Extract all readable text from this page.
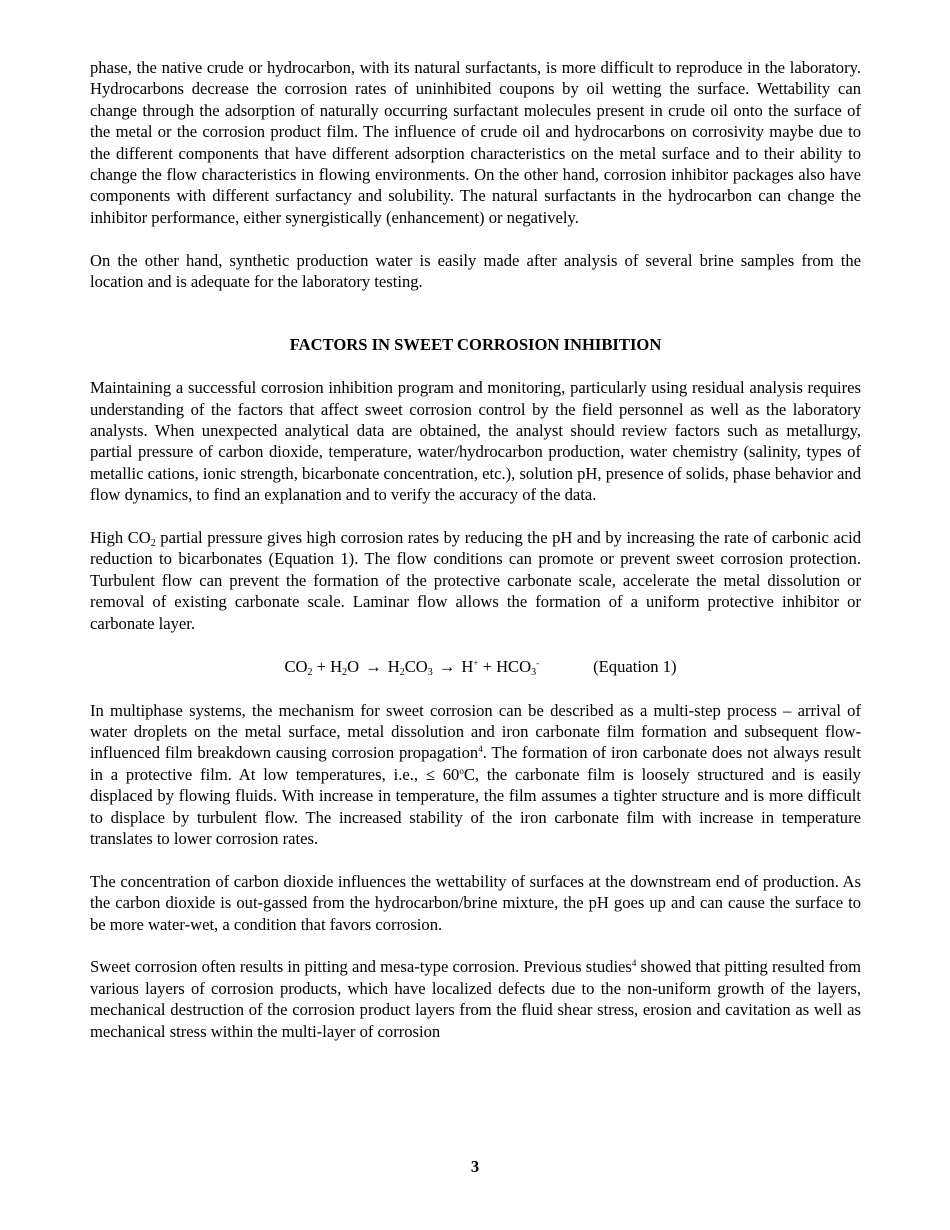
phase, the native crude or hydrocarbon, with its natural surfactants, is more difficult to reproduce in the laboratory. Hydrocarbons decrease the corrosion rates of uninhibited coupons by oil wetting the surface. Wettability can change through the adsorption of naturally occurring surfactant molecules present in crude oil onto the surface of the metal or the corrosion product film. The influence of crude oil and hydrocarbons on corrosivity maybe due to the different components that have different adsorption characteristics on the metal surface and to their ability to change the flow characteristics in flowing environments. On the other hand, corrosion inhibitor packages also have components with different surfactancy and solubility. The natural surfactants in the hydrocarbon can change the inhibitor performance, either synergistically (enhancement) or negatively.

On the other hand, synthetic production water is easily made after analysis of several brine samples from the location and is adequate for the laboratory testing.

FACTORS IN SWEET CORROSION INHIBITION

Maintaining a successful corrosion inhibition program and monitoring, particularly using residual analysis requires understanding of the factors that affect sweet corrosion control by the field personnel as well as the laboratory analysts. When unexpected analytical data are obtained, the analyst should review factors such as metallurgy, partial pressure of carbon dioxide, temperature, water/hydrocarbon production, water chemistry (salinity, types of metallic cations, ionic strength, bicarbonate concentration, etc.), solution pH, presence of solids, phase behavior and flow dynamics, to find an explanation and to verify the accuracy of the data.

High $CO_2$ partial pressure gives high corrosion rates by reducing the pH and by increasing the rate of carbonic acid reduction to bicarbonates (Equation 1). The flow conditions can promote or prevent sweet corrosion protection. Turbulent flow can prevent the formation of the protective carbonate scale, accelerate the metal dissolution or removal of existing carbonate scale. Laminar flow allows the formation of a uniform protective inhibitor or carbonate layer.

$CO_2 + H_2O \to H_2CO_3 \to H^+ + HCO_3^-$	(Equation 1)

In multiphase systems, the mechanism for sweet corrosion can be described as a multi-step process – arrival of water droplets on the metal surface, metal dissolution and iron carbonate film formation and subsequent flow-influenced film breakdown causing corrosion propagation$^4$. The formation of iron carbonate does not always result in a protective film. At low temperatures, i.e., ≤ $60^oC$, the carbonate film is loosely structured and is easily displaced by flowing fluids. With increase in temperature, the film assumes a tighter structure and is more difficult to displace by turbulent flow. The increased stability of the iron carbonate film with increase in temperature translates to lower corrosion rates.

The concentration of carbon dioxide influences the wettability of surfaces at the downstream end of production. As the carbon dioxide is out-gassed from the hydrocarbon/brine mixture, the pH goes up and can cause the surface to be more water-wet, a condition that favors corrosion.

Sweet corrosion often results in pitting and mesa-type corrosion. Previous studies$^4$ showed that pitting resulted from various layers of corrosion products, which have localized defects due to the non-uniform growth of the layers, mechanical destruction of the corrosion product layers from the fluid shear stress, erosion and cavitation as well as mechanical stress within the multi-layer of corrosion

3
